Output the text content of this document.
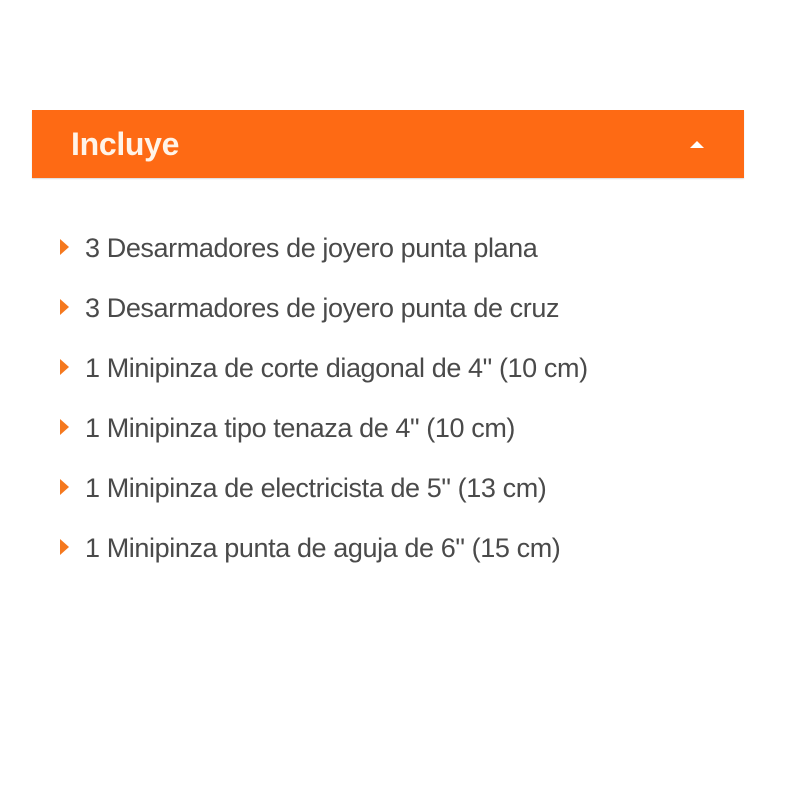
Incluye
3 Desarmadores de joyero punta plana
3 Desarmadores de joyero punta de cruz
1 Minipinza de corte diagonal de 4" (10 cm)
1 Minipinza tipo tenaza de 4" (10 cm)
1 Minipinza de electricista de 5" (13 cm)
1 Minipinza punta de aguja de 6" (15 cm)
